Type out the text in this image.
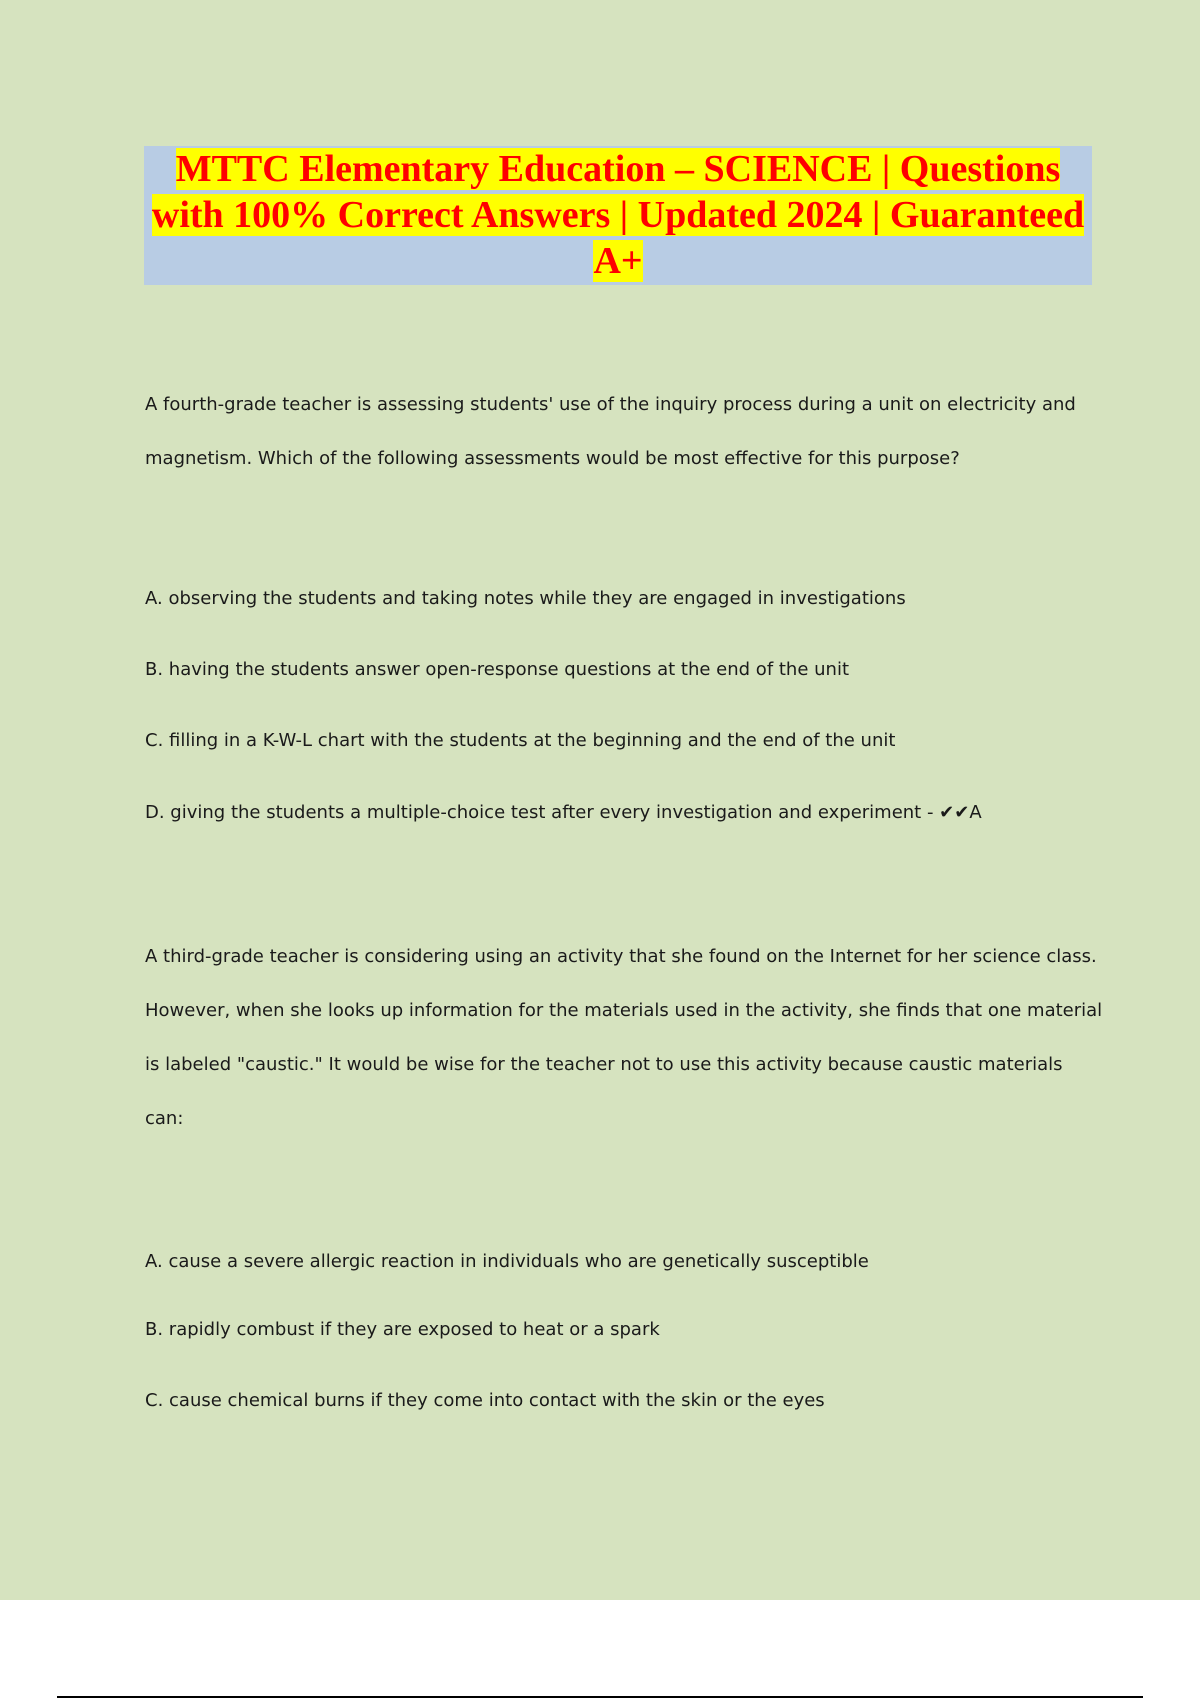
MTTC Elementary Education – SCIENCE | Questions with 100% Correct Answers | Updated 2024 | Guaranteed A+

A fourth-grade teacher is assessing students' use of the inquiry process during a unit on electricity and magnetism. Which of the following assessments would be most effective for this purpose?

A. observing the students and taking notes while they are engaged in investigations

B. having the students answer open-response questions at the end of the unit

C. filling in a K-W-L chart with the students at the beginning and the end of the unit

D. giving the students a multiple-choice test after every investigation and experiment - ✔✔A

A third-grade teacher is considering using an activity that she found on the Internet for her science class. However, when she looks up information for the materials used in the activity, she finds that one material is labeled "caustic." It would be wise for the teacher not to use this activity because caustic materials can:

A. cause a severe allergic reaction in individuals who are genetically susceptible

B. rapidly combust if they are exposed to heat or a spark

C. cause chemical burns if they come into contact with the skin or the eyes
